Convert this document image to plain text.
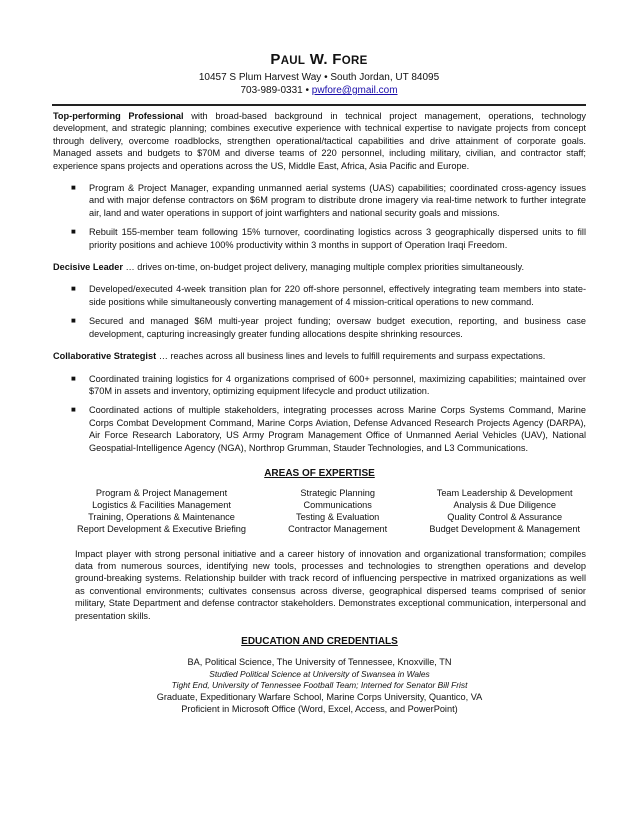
PAUL W. FORE
10457 S Plum Harvest Way • South Jordan, UT 84095
703-989-0331 • pwfore@gmail.com

Top-performing Professional with broad-based background in technical project management, operations, technology development, and strategic planning; combines executive experience with technical expertise to navigate projects from concept through delivery, overcome roadblocks, strengthen operational/tactical capabilities and drive attainment of corporate goals. Managed assets and budgets to $70M and diverse teams of 220 personnel, including military, civilian, and contractor staff; experience spans projects and operations across the US, Middle East, Africa, Asia Pacific and Europe.

■ Program & Project Manager, expanding unmanned aerial systems (UAS) capabilities; coordinated cross-agency issues and with major defense contractors on $6M program to distribute drone imagery via real-time network to further integrate air, land and water operations in support of joint warfighters and national security goals and missions.
■ Rebuilt 155-member team following 15% turnover, coordinating logistics across 3 geographically dispersed units to fill priority positions and achieve 100% productivity within 3 months in support of Operation Iraqi Freedom.

Decisive Leader … drives on-time, on-budget project delivery, managing multiple complex priorities simultaneously.

■ Developed/executed 4-week transition plan for 220 off-shore personnel, effectively integrating team members into state-side positions while simultaneously converting management of 4 mission-critical operations to new command.
■ Secured and managed $6M multi-year project funding; oversaw budget execution, reporting, and business case development, capturing increasingly greater funding allocations despite shrinking resources.

Collaborative Strategist … reaches across all business lines and levels to fulfill requirements and surpass expectations.

■ Coordinated training logistics for 4 organizations comprised of 600+ personnel, maximizing capabilities; maintained over $70M in assets and inventory, optimizing equipment lifecycle and product utilization.
■ Coordinated actions of multiple stakeholders, integrating processes across Marine Corps Systems Command, Marine Corps Combat Development Command, Marine Corps Aviation, Defense Advanced Research Projects Agency (DARPA), Air Force Research Laboratory, US Army Program Management Office of Unmanned Aerial Vehicles (UAV), National Geospatial-Intelligence Agency (NGA), Northrop Grumman, Stauder Technologies, and L3 Communications.
AREAS OF EXPERTISE
Program & Project Management
Logistics & Facilities Management
Training, Operations & Maintenance
Report Development & Executive Briefing
Strategic Planning
Communications
Testing & Evaluation
Contractor Management
Team Leadership & Development
Analysis & Due Diligence
Quality Control & Assurance
Budget Development & Management

Impact player with strong personal initiative and a career history of innovation and organizational transformation; compiles data from numerous sources, identifying new tools, processes and technologies to strengthen operations and develop ground-breaking systems. Relationship builder with track record of influencing perspective in matrixed organizations as well as conventional environments; cultivates consensus across diverse, geographical dispersed teams comprised of senior military, State Department and defense contractor stakeholders. Demonstrates exceptional communication, interpersonal and presentation skills.

EDUCATION AND CREDENTIALS
BA, Political Science, The University of Tennessee, Knoxville, TN
Studied Political Science at University of Swansea in Wales
Tight End, University of Tennessee Football Team; Interned for Senator Bill Frist
Graduate, Expeditionary Warfare School, Marine Corps University, Quantico, VA
Proficient in Microsoft Office (Word, Excel, Access, and PowerPoint)
